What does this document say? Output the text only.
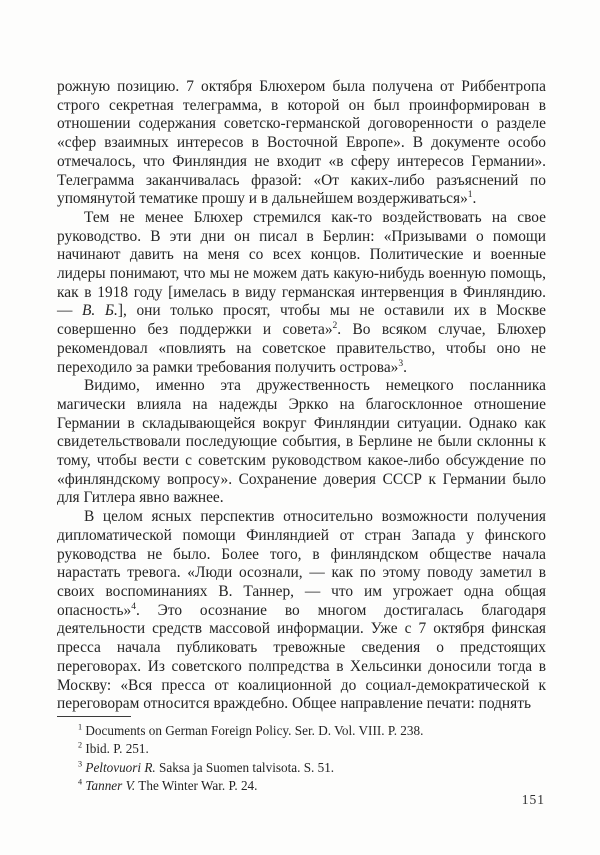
рожную позицию. 7 октября Блюхером была получена от Риббентропа строго секретная телеграмма, в которой он был проинформирован в отношении содержания советско-германской договоренности о разделе «сфер взаимных интересов в Восточной Европе». В документе особо отмечалось, что Финляндия не входит «в сферу интересов Германии». Телеграмма заканчивалась фразой: «От каких-либо разъяснений по упомянутой тематике прошу и в дальнейшем воздерживаться»$^1$.

Тем не менее Блюхер стремился как-то воздействовать на свое руководство. В эти дни он писал в Берлин: «Призывами о помощи начинают давить на меня со всех концов. Политические и военные лидеры понимают, что мы не можем дать какую-нибудь военную помощь, как в 1918 году [имелась в виду германская интервенция в Финляндию. — В. Б.], они только просят, чтобы мы не оставили их в Москве совершенно без поддержки и совета»$^2$. Во всяком случае, Блюхер рекомендовал «повлиять на советское правительство, чтобы оно не переходило за рамки требования получить острова»$^3$.

Видимо, именно эта дружественность немецкого посланника магически влияла на надежды Эркко на благосклонное отношение Германии в складывающейся вокруг Финляндии ситуации. Однако как свидетельствовали последующие события, в Берлине не были склонны к тому, чтобы вести с советским руководством какое-либо обсуждение по «финляндскому вопросу». Сохранение доверия СССР к Германии было для Гитлера явно важнее.

В целом ясных перспектив относительно возможности получения дипломатической помощи Финляндией от стран Запада у финского руководства не было. Более того, в финляндском обществе начала нарастать тревога. «Люди осознали, — как по этому поводу заметил в своих воспоминаниях В. Таннер, — что им угрожает одна общая опасность»$^4$. Это осознание во многом достигалась благодаря деятельности средств массовой информации. Уже с 7 октября финская пресса начала публиковать тревожные сведения о предстоящих переговорах. Из советского полпредства в Хельсинки доносили тогда в Москву: «Вся пресса от коалиционной до социал-демократической к переговорам относится враждебно. Общее направление печати: поднять

$^1$ Documents on German Foreign Policy. Ser. D. Vol. VIII. P. 238.

$^2$ Ibid. P. 251.

$^3$ Peltovuori R. Saksa ja Suomen talvisota. S. 51.

$^4$ Tanner V. The Winter War. P. 24.

151
